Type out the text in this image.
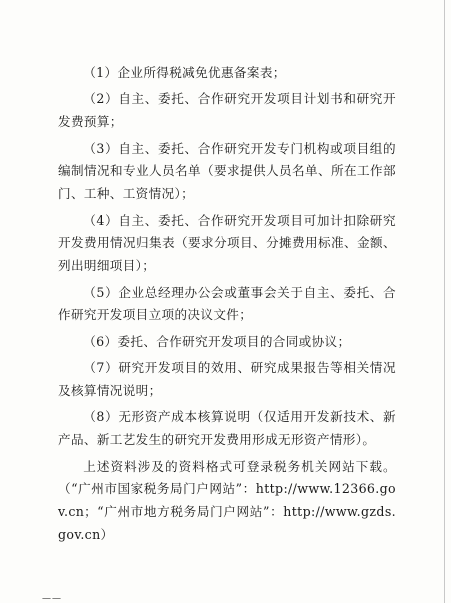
（1）企业所得税减免优惠备案表；

（2）自主、委托、合作研究开发项目计划书和研究开发费预算；

（3）自主、委托、合作研究开发专门机构或项目组的编制情况和专业人员名单（要求提供人员名单、所在工作部门、工种、工资情况）；

（4）自主、委托、合作研究开发项目可加计扣除研究开发费用情况归集表（要求分项目、分摊费用标准、金额、列出明细项目）；

（5）企业总经理办公会或董事会关于自主、委托、合作研究开发项目立项的决议文件；

（6）委托、合作研究开发项目的合同或协议；

（7）研究开发项目的效用、研究成果报告等相关情况及核算情况说明；

（8）无形资产成本核算说明（仅适用开发新技术、新产品、新工艺发生的研究开发费用形成无形资产情形）。

上述资料涉及的资料格式可登录税务机关网站下载。（“广州市国家税务局门户网站”：http://www.12366.gov.cn；“广州市地方税务局门户网站”：http://www.gzds.gov.cn）

——
